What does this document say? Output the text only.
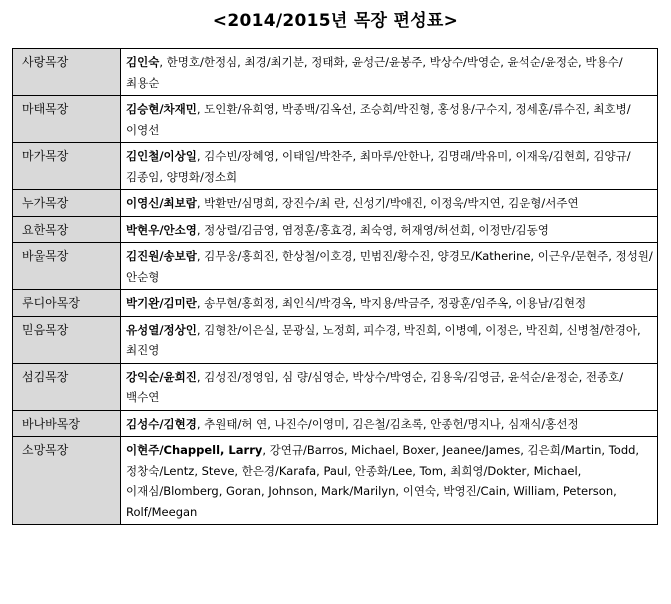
<2014/2015년 목장 편성표>
사랑목장	김인숙, 한명호/한정심, 최경/최기분, 정태화, 윤성근/윤봉주, 박상수/박영순, 윤석순/윤정순, 박용수/최용순
마태목장	김승현/차재민, 도인환/유희영, 박종백/김옥선, 조승희/박진형, 홍성용/구수지, 정세훈/류수진, 최호병/이영선
마가목장	김인철/이상일, 김수빈/장혜영, 이태일/박찬주, 최마루/안한나, 김명래/박유미, 이재욱/김현희, 김양규/김종임, 양명화/정소희
누가목장	이영신/최보람, 박환만/심명희, 장진수/최 란, 신성기/박애진, 이정욱/박지연, 김운형/서주연
요한목장	박현우/안소영, 정상렬/김금영, 염정훈/홍효경, 최숙영, 허재영/허선희, 이정만/김동영
바울목장	김진원/송보람, 김무웅/홍희진, 한상철/이호경, 민범진/황수진, 양경모/Katherine, 이근우/문현주, 정성원/안순형
루디아목장	박기완/김미란, 송무현/홍희정, 최인식/박경옥, 박지용/박금주, 정광훈/임주옥, 이용남/김현정
믿음목장	유성열/정상인, 김형찬/이은실, 문광실, 노정희, 피수경, 박진희, 이병예, 이정은, 박진희, 신병철/한경아, 최진영
섬김목장	강익순/윤희진, 김성진/정영임, 심 량/심영순, 박상수/박영순, 김용욱/김영금, 윤석순/윤정순, 전종호/백수연
바나바목장	김성수/김현경, 추원태/허 연, 나진수/이영미, 김은철/김초록, 안종헌/명지나, 심재식/홍선정
소망목장	이현주/Chappell, Larry, 강연규/Barros, Michael, Boxer, Jeanee/James, 김은희/Martin, Todd, 정창숙/Lentz, Steve, 한은경/Karafa, Paul, 안종화/Lee, Tom, 최희영/Dokter, Michael, 이재심/Blomberg, Goran, Johnson, Mark/Marilyn, 이연숙, 박영진/Cain, William, Peterson, Rolf/Meegan
